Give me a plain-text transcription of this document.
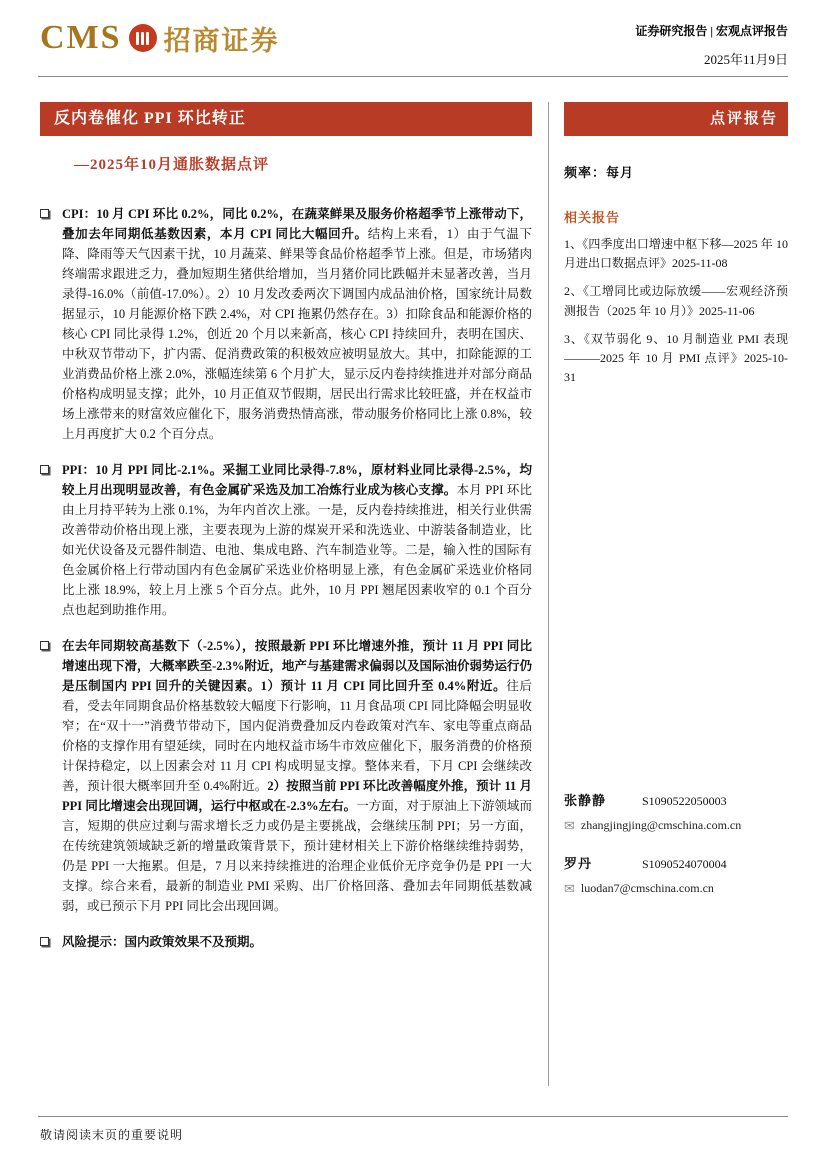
CMS 招商证券	证券研究报告 | 宏观点评报告
2025年11月9日
反内卷催化 PPI 环比转正
—2025年10月通胀数据点评

CPI：10 月 CPI 环比 0.2%，同比 0.2%，在蔬菜鲜果及服务价格超季节上涨带动下，叠加去年同期低基数因素，本月 CPI 同比大幅回升。结构上来看，1）由于气温下降、降雨等天气因素干扰，10 月蔬菜、鲜果等食品价格超季节上涨。但是，市场猪肉终端需求跟进乏力，叠加短期生猪供给增加，当月猪价同比跌幅并未显著改善，当月录得-16.0%（前值-17.0%）。2）10 月发改委两次下调国内成品油价格，国家统计局数据显示，10 月能源价格下跌 2.4%，对 CPI 拖累仍然存在。3）扣除食品和能源价格的核心 CPI 同比录得 1.2%，创近 20 个月以来新高，核心 CPI 持续回升，表明在国庆、中秋双节带动下，扩内需、促消费政策的积极效应被明显放大。其中，扣除能源的工业消费品价格上涨 2.0%，涨幅连续第 6 个月扩大，显示反内卷持续推进并对部分商品价格构成明显支撑；此外，10 月正值双节假期，居民出行需求比较旺盛，并在权益市场上涨带来的财富效应催化下，服务消费热情高涨，带动服务价格同比上涨 0.8%，较上月再度扩大 0.2 个百分点。

PPI：10 月 PPI 同比-2.1%。采掘工业同比录得-7.8%，原材料业同比录得-2.5%，均较上月出现明显改善，有色金属矿采选及加工冶炼行业成为核心支撑。本月 PPI 环比由上月持平转为上涨 0.1%，为年内首次上涨。一是，反内卷持续推进，相关行业供需改善带动价格出现上涨，主要表现为上游的煤炭开采和洗选业、中游装备制造业，比如光伏设备及元器件制造、电池、集成电路、汽车制造业等。二是，输入性的国际有色金属价格上行带动国内有色金属矿采选业价格明显上涨，有色金属矿采选业价格同比上涨 18.9%，较上月上涨 5 个百分点。此外，10 月 PPI 翘尾因素收窄的 0.1 个百分点也起到助推作用。

在去年同期较高基数下（-2.5%），按照最新 PPI 环比增速外推，预计 11 月 PPI 同比增速出现下滑，大概率跌至-2.3%附近，地产与基建需求偏弱以及国际油价弱势运行仍是压制国内 PPI 回升的关键因素。1）预计 11 月 CPI 同比回升至 0.4%附近。往后看，受去年同期食品价格基数较大幅度下行影响，11 月食品项 CPI 同比降幅会明显收窄；在“双十一”消费节带动下，国内促消费叠加反内卷政策对汽车、家电等重点商品价格的支撑作用有望延续，同时在内地权益市场牛市效应催化下，服务消费的价格预计保持稳定，以上因素会对 11 月 CPI 构成明显支撑。整体来看，下月 CPI 会继续改善，预计很大概率回升至 0.4%附近。2）按照当前 PPI 环比改善幅度外推，预计 11 月 PPI 同比增速会出现回调，运行中枢或在-2.3%左右。一方面，对于原油上下游领域而言，短期的供应过剩与需求增长乏力或仍是主要挑战，会继续压制 PPI；另一方面，在传统建筑领域缺乏新的增量政策背景下，预计建材相关上下游价格继续维持弱势，仍是 PPI 一大拖累。但是，7 月以来持续推进的治理企业低价无序竞争仍是 PPI 一大支撑。综合来看，最新的制造业 PMI 采购、出厂价格回落、叠加去年同期低基数减弱，或已预示下月 PPI 同比会出现回调。

风险提示：国内政策效果不及预期。

点评报告
频率：每月
相关报告
1、《四季度出口增速中枢下移—2025 年 10 月进出口数据点评》2025-11-08
2、《工增同比或边际放缓——宏观经济预测报告（2025 年 10 月）》2025-11-06
3、《双节弱化 9、10 月制造业 PMI 表现———2025 年 10 月 PMI 点评》2025-10-31
张静静	S1090522050003
✉ zhangjingjing@cmschina.com.cn
罗丹	S1090524070004
✉ luodan7@cmschina.com.cn
敬请阅读末页的重要说明
